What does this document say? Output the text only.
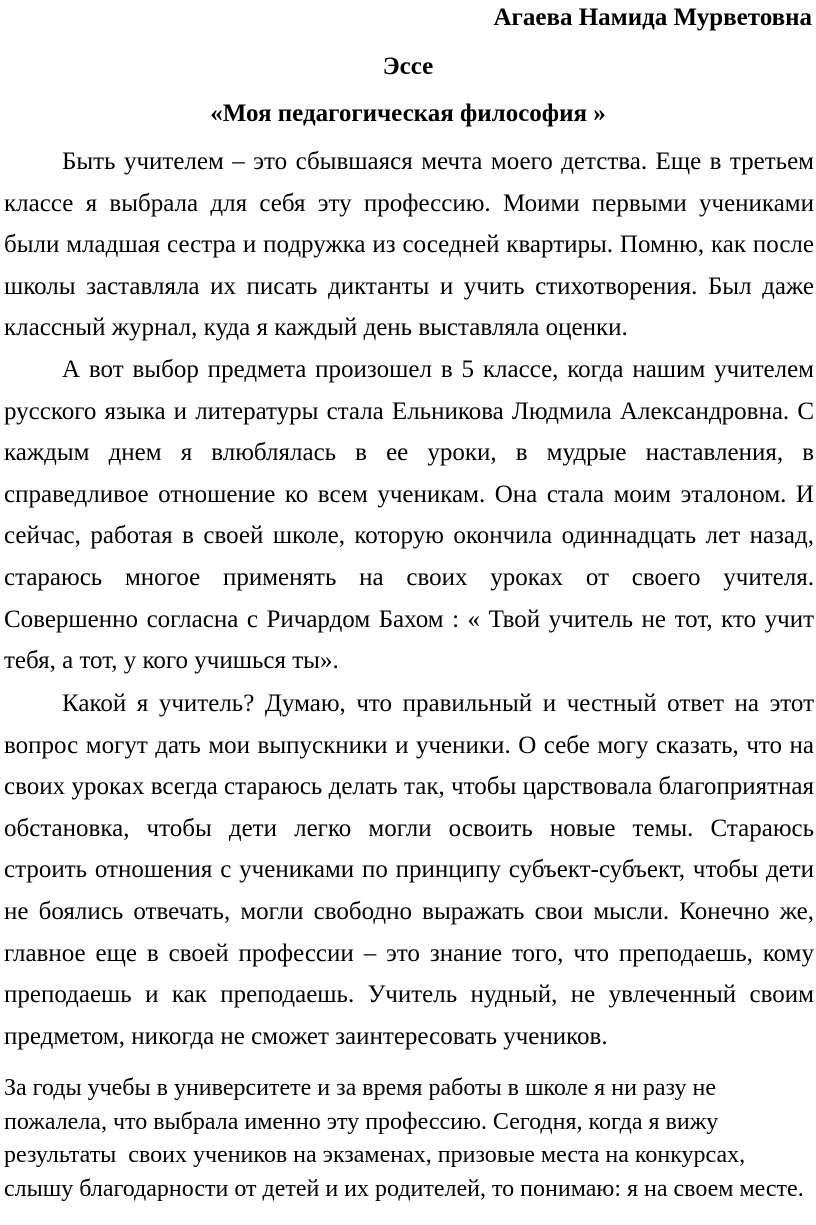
Агаева Намида Мурветовна
Эссе
«Моя педагогическая философия »

Быть учителем – это сбывшаяся мечта моего детства. Еще в третьем классе я выбрала для себя эту профессию. Моими первыми учениками были младшая сестра и подружка из соседней квартиры. Помню, как после школы заставляла их писать диктанты и учить стихотворения. Был даже классный журнал, куда я каждый день выставляла оценки.

А вот выбор предмета произошел в 5 классе, когда нашим учителем русского языка и литературы стала Ельникова Людмила Александровна. С каждым днем я влюблялась в ее уроки, в мудрые наставления, в справедливое отношение ко всем ученикам. Она стала моим эталоном. И сейчас, работая в своей школе, которую окончила одиннадцать лет назад, стараюсь многое применять на своих уроках от своего учителя. Совершенно согласна с Ричардом Бахом : « Твой учитель не тот, кто учит тебя, а тот, у кого учишься ты».

Какой я учитель? Думаю, что правильный и честный ответ на этот вопрос могут дать мои выпускники и ученики. О себе могу сказать, что на своих уроках всегда стараюсь делать так, чтобы царствовала благоприятная обстановка, чтобы дети легко могли освоить новые темы. Стараюсь строить отношения с учениками по принципу субъект-субъект, чтобы дети не боялись отвечать, могли свободно выражать свои мысли. Конечно же, главное еще в своей профессии – это знание того, что преподаешь, кому преподаешь и как преподаешь. Учитель нудный, не увлеченный своим предметом, никогда не сможет заинтересовать учеников.

За годы учебы в университете и за время работы в школе я ни разу не
пожалела, что выбрала именно эту профессию. Сегодня, когда я вижу
результаты  своих учеников на экзаменах, призовые места на конкурсах,
слышу благодарности от детей и их родителей, то понимаю: я на своем месте.
